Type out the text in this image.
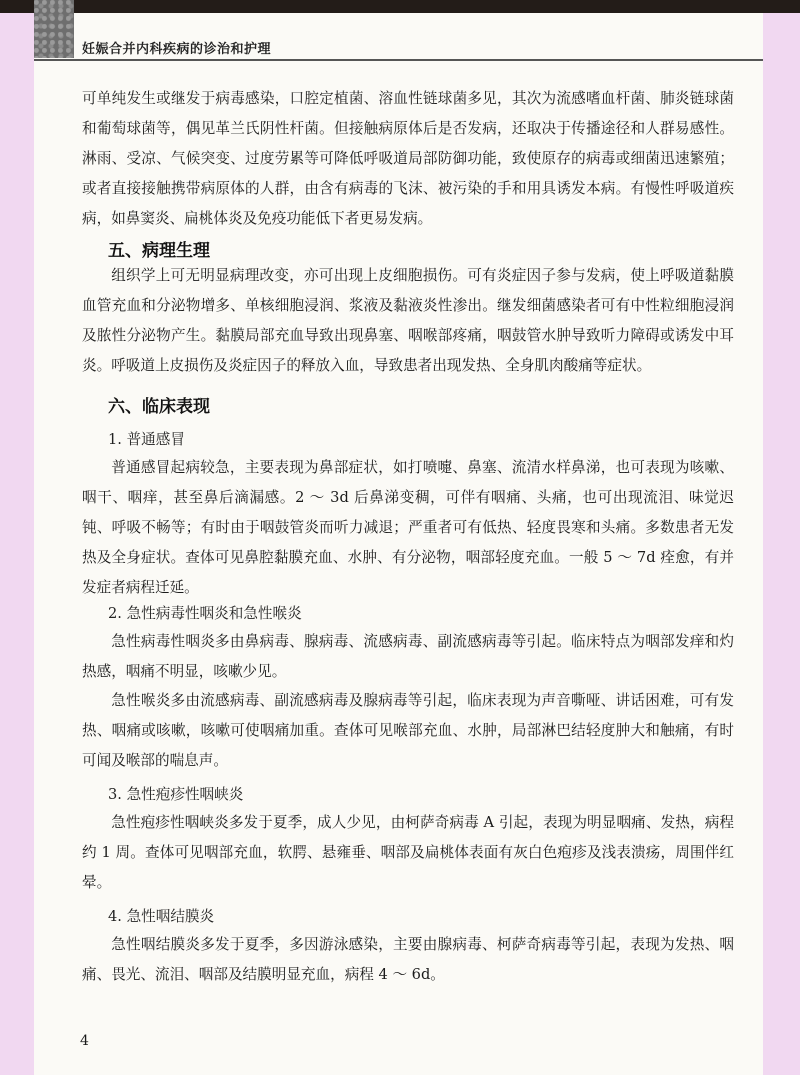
妊娠合并内科疾病的诊治和护理

可单纯发生或继发于病毒感染，口腔定植菌、溶血性链球菌多见，其次为流感嗜血杆菌、肺炎链球菌和葡萄球菌等，偶见革兰氏阴性杆菌。但接触病原体后是否发病，还取决于传播途径和人群易感性。淋雨、受凉、气候突变、过度劳累等可降低呼吸道局部防御功能，致使原存的病毒或细菌迅速繁殖；或者直接接触携带病原体的人群，由含有病毒的飞沫、被污染的手和用具诱发本病。有慢性呼吸道疾病，如鼻窦炎、扁桃体炎及免疫功能低下者更易发病。

五、病理生理

组织学上可无明显病理改变，亦可出现上皮细胞损伤。可有炎症因子参与发病，使上呼吸道黏膜血管充血和分泌物增多、单核细胞浸润、浆液及黏液炎性渗出。继发细菌感染者可有中性粒细胞浸润及脓性分泌物产生。黏膜局部充血导致出现鼻塞、咽喉部疼痛，咽鼓管水肿导致听力障碍或诱发中耳炎。呼吸道上皮损伤及炎症因子的释放入血，导致患者出现发热、全身肌肉酸痛等症状。

六、临床表现
1. 普通感冒

普通感冒起病较急，主要表现为鼻部症状，如打喷嚏、鼻塞、流清水样鼻涕，也可表现为咳嗽、咽干、咽痒，甚至鼻后滴漏感。2 ～ 3d 后鼻涕变稠，可伴有咽痛、头痛，也可出现流泪、味觉迟钝、呼吸不畅等；有时由于咽鼓管炎而听力减退；严重者可有低热、轻度畏寒和头痛。多数患者无发热及全身症状。查体可见鼻腔黏膜充血、水肿、有分泌物，咽部轻度充血。一般 5 ～ 7d 痊愈，有并发症者病程迁延。

2. 急性病毒性咽炎和急性喉炎

急性病毒性咽炎多由鼻病毒、腺病毒、流感病毒、副流感病毒等引起。临床特点为咽部发痒和灼热感，咽痛不明显，咳嗽少见。

急性喉炎多由流感病毒、副流感病毒及腺病毒等引起，临床表现为声音嘶哑、讲话困难，可有发热、咽痛或咳嗽，咳嗽可使咽痛加重。查体可见喉部充血、水肿，局部淋巴结轻度肿大和触痛，有时可闻及喉部的喘息声。

3. 急性疱疹性咽峡炎

急性疱疹性咽峡炎多发于夏季，成人少见，由柯萨奇病毒 A 引起，表现为明显咽痛、发热，病程约 1 周。查体可见咽部充血，软腭、悬雍垂、咽部及扁桃体表面有灰白色疱疹及浅表溃疡，周围伴红晕。

4. 急性咽结膜炎

急性咽结膜炎多发于夏季，多因游泳感染，主要由腺病毒、柯萨奇病毒等引起，表现为发热、咽痛、畏光、流泪、咽部及结膜明显充血，病程 4 ～ 6d。

4
